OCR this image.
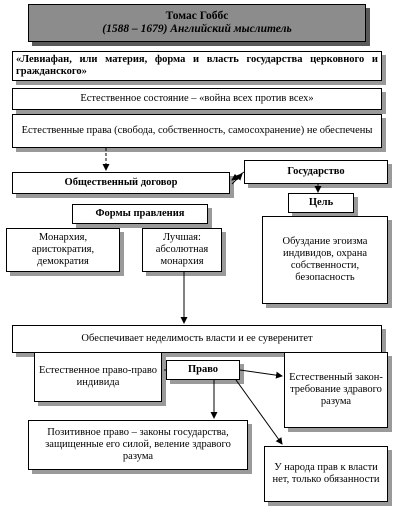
Томас Гоббс
(1588 – 1679) Английский мыслитель
«Левиафан, или материя, форма и власть государства церковного и гражданского»
Естественное состояние – «война всех против всех»
Естественные права (свобода, собственность, самосохранение) не обеспечены
Общественный договор
Государство
Формы правления
Цель
Монархия, аристократия, демократия
Лучшая: абсолютная монархия
Обуздание эгоизма индивидов, охрана собственности, безопасность
Обеспечивает неделимость власти и ее суверенитет
Естественное право-право индивида
Право
Естественный закон-требование здравого разума
Позитивное право – законы государства, защищенные его силой, веление здравого разума
У народа прав к власти нет, только обязанности
